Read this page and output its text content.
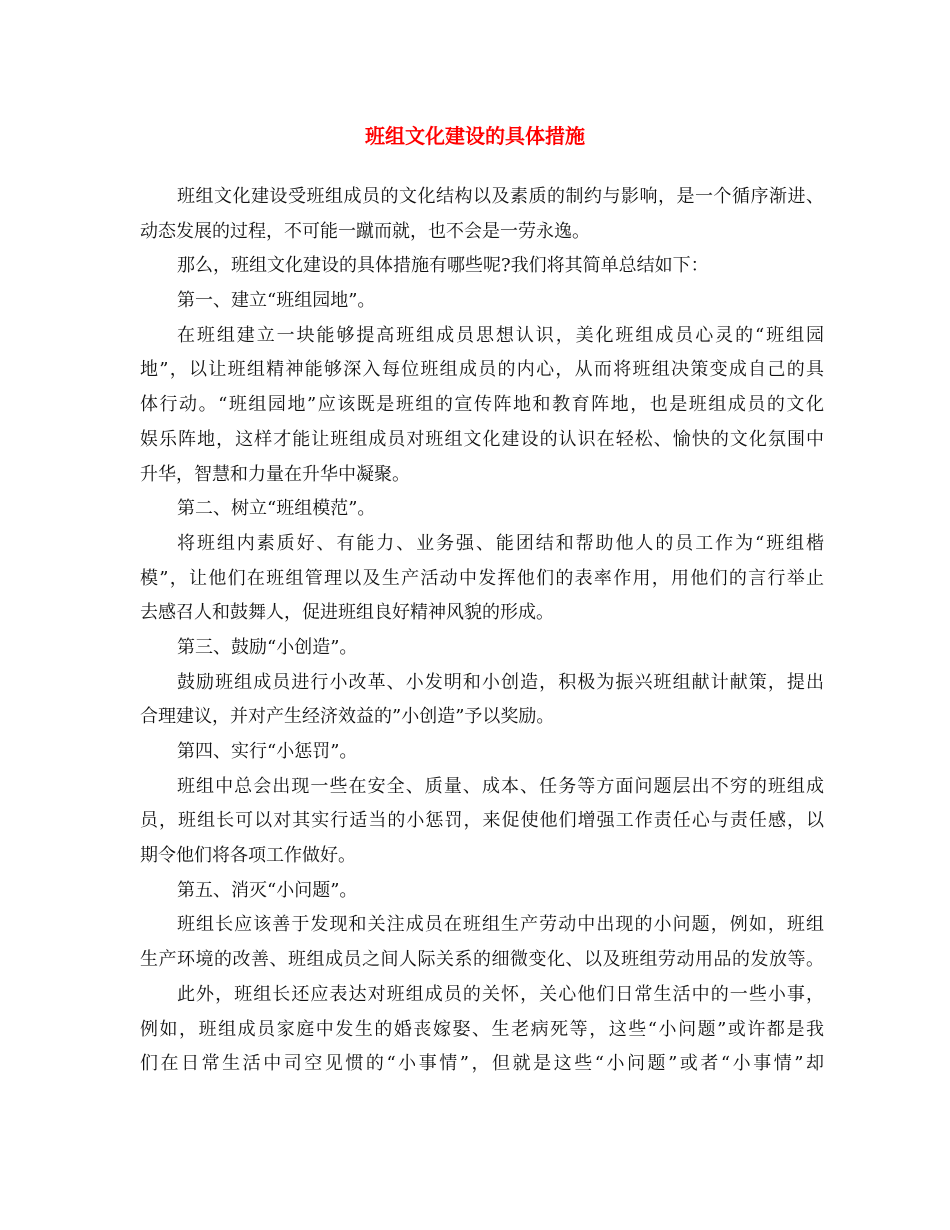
班组文化建设的具体措施
班组文化建设受班组成员的文化结构以及素质的制约与影响，是一个循序渐进、
动态发展的过程，不可能一蹴而就，也不会是一劳永逸。
那么，班组文化建设的具体措施有哪些呢?我们将其简单总结如下：
第一、建立“班组园地”。
在班组建立一块能够提高班组成员思想认识，美化班组成员心灵的“班组园
地”，以让班组精神能够深入每位班组成员的内心，从而将班组决策变成自己的具
体行动。“班组园地”应该既是班组的宣传阵地和教育阵地，也是班组成员的文化
娱乐阵地，这样才能让班组成员对班组文化建设的认识在轻松、愉快的文化氛围中
升华，智慧和力量在升华中凝聚。
第二、树立“班组模范”。
将班组内素质好、有能力、业务强、能团结和帮助他人的员工作为“班组楷
模”，让他们在班组管理以及生产活动中发挥他们的表率作用，用他们的言行举止
去感召人和鼓舞人，促进班组良好精神风貌的形成。
第三、鼓励“小创造”。
鼓励班组成员进行小改革、小发明和小创造，积极为振兴班组献计献策，提出
合理建议，并对产生经济效益的”小创造”予以奖励。
第四、实行“小惩罚”。
班组中总会出现一些在安全、质量、成本、任务等方面问题层出不穷的班组成
员，班组长可以对其实行适当的小惩罚，来促使他们增强工作责任心与责任感，以
期令他们将各项工作做好。
第五、消灭“小问题”。
班组长应该善于发现和关注成员在班组生产劳动中出现的小问题，例如，班组
生产环境的改善、班组成员之间人际关系的细微变化、以及班组劳动用品的发放等。
此外，班组长还应表达对班组成员的关怀，关心他们日常生活中的一些小事，
例如，班组成员家庭中发生的婚丧嫁娶、生老病死等，这些“小问题”或许都是我
们在日常生活中司空见惯的“小事情”，但就是这些“小问题”或者“小事情”却
